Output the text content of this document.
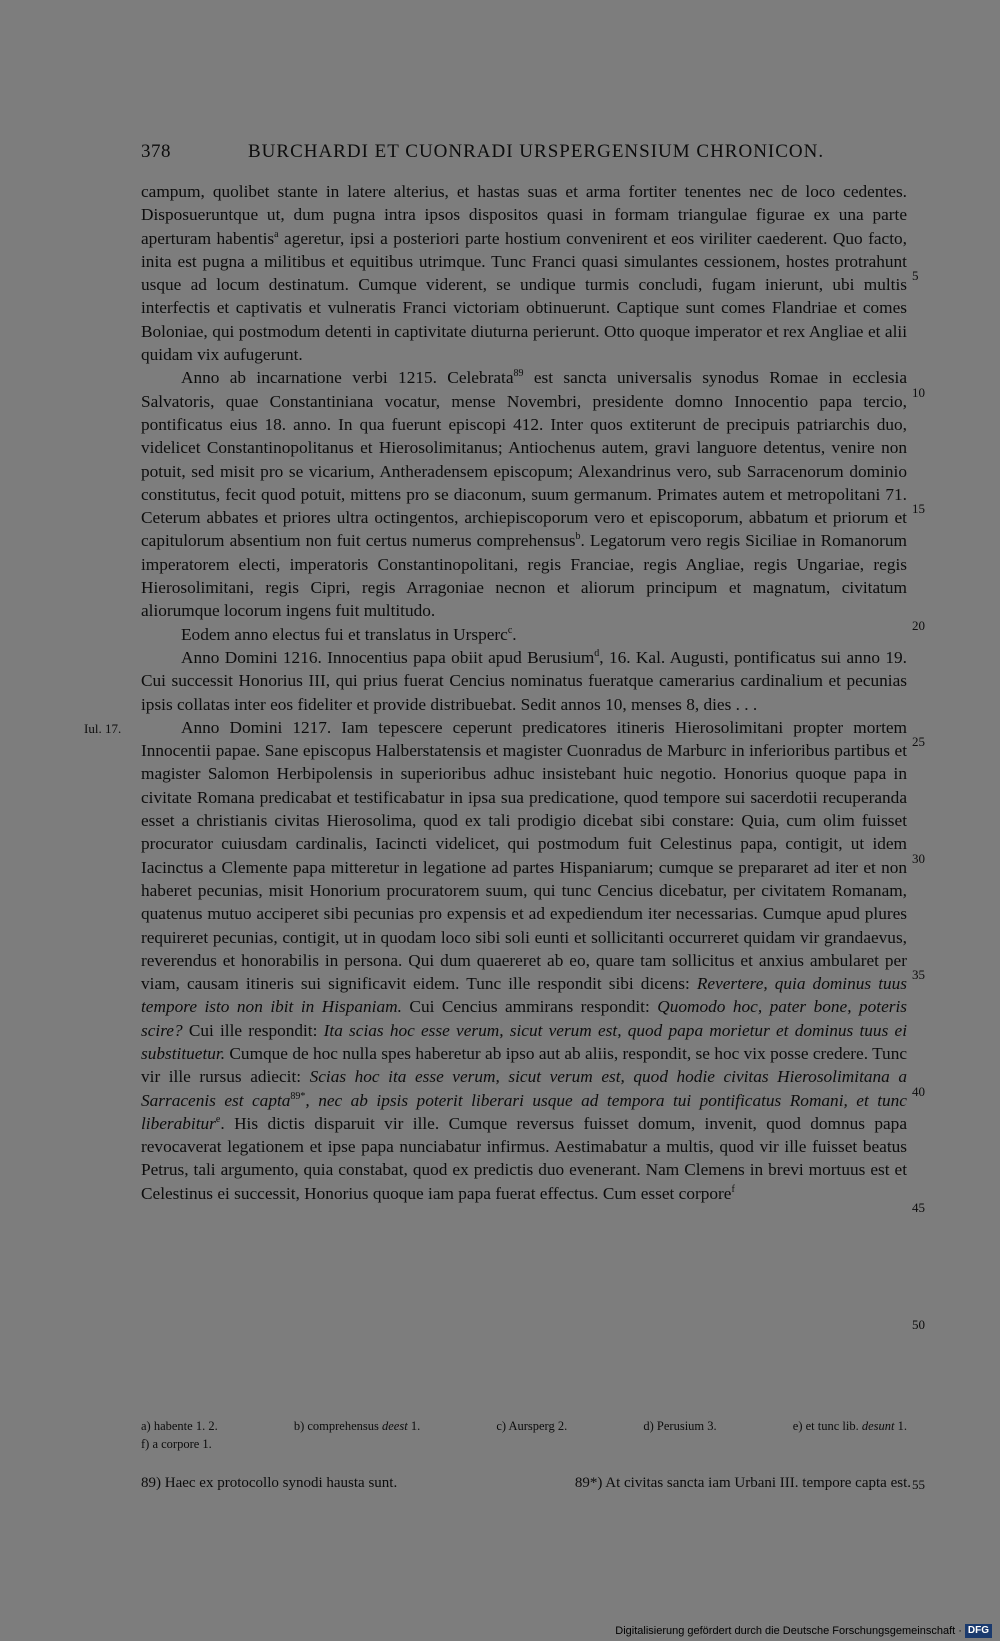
378	BURCHARDI ET CUONRADI URSPERGENSIUM CHRONICON.

campum, quolibet stante in latere alterius, et hastas suas et arma fortiter tenentes nec de loco cedentes. Disposueruntque ut, dum pugna intra ipsos dispositos quasi in formam triangulae figurae ex una parte aperturam habentis$^a$ ageretur, ipsi a posteriori parte hostium convenirent et eos viriliter caederent. Quo facto, inita est pugna a militibus et equitibus utrimque. Tunc Franci quasi simulantes cessionem, hostes protrahunt usque ad locum destinatum. Cumque viderent, se undique turmis concludi, fugam inierunt, ubi multis interfectis et captivatis et vulneratis Franci victoriam obtinuerunt. Captique sunt comes Flandriae et comes Boloniae, qui postmodum detenti in captivitate diuturna perierunt. Otto quoque imperator et rex Angliae et alii quidam vix aufugerunt.

Anno ab incarnatione verbi 1215. Celebrata$^{89}$ est sancta universalis synodus Romae in ecclesia Salvatoris, quae Constantiniana vocatur, mense Novembri, presidente domno Innocentio papa tercio, pontificatus eius 18. anno. In qua fuerunt episcopi 412. Inter quos extiterunt de precipuis patriarchis duo, videlicet Constantinopolitanus et Hierosolimitanus; Antiochenus autem, gravi languore detentus, venire non potuit, sed misit pro se vicarium, Antheradensem episcopum; Alexandrinus vero, sub Sarracenorum dominio constitutus, fecit quod potuit, mittens pro se diaconum, suum germanum. Primates autem et metropolitani 71. Ceterum abbates et priores ultra octingentos, archiepiscoporum vero et episcoporum, abbatum et priorum et capitulorum absentium non fuit certus numerus comprehensus$^b$. Legatorum vero regis Siciliae in Romanorum imperatorem electi, imperatoris Constantinopolitani, regis Franciae, regis Angliae, regis Ungariae, regis Hierosolimitani, regis Cipri, regis Arragoniae necnon et aliorum principum et magnatum, civitatum aliorumque locorum ingens fuit multitudo.

Eodem anno electus fui et translatus in Ursperc$^c$.

Anno Domini 1216. Innocentius papa obiit apud Berusium$^d$, 16. Kal. Augusti, pontificatus sui anno 19. Cui successit Honorius III, qui prius fuerat Cencius nominatus fueratque camerarius cardinalium et pecunias ipsis collatas inter eos fideliter et provide distribuebat. Sedit annos 10, menses 8, dies . . .

Anno Domini 1217. Iam tepescere ceperunt predicatores itineris Hierosolimitani propter mortem Innocentii papae. Sane episcopus Halberstatensis et magister Cuonradus de Marburc in inferioribus partibus et magister Salomon Herbipolensis in superioribus adhuc insistebant huic negotio. Honorius quoque papa in civitate Romana predicabat et testificabatur in ipsa sua predicatione, quod tempore sui sacerdotii recuperanda esset a christianis civitas Hierosolima, quod ex tali prodigio dicebat sibi constare: Quia, cum olim fuisset procurator cuiusdam cardinalis, Iacincti videlicet, qui postmodum fuit Celestinus papa, contigit, ut idem Iacinctus a Clemente papa mitteretur in legatione ad partes Hispaniarum; cumque se prepararet ad iter et non haberet pecunias, misit Honorium procuratorem suum, qui tunc Cencius dicebatur, per civitatem Romanam, quatenus mutuo acciperet sibi pecunias pro expensis et ad expediendum iter necessarias. Cumque apud plures requireret pecunias, contigit, ut in quodam loco sibi soli eunti et sollicitanti occurreret quidam vir grandaevus, reverendus et honorabilis in persona. Qui dum quaereret ab eo, quare tam sollicitus et anxius ambularet per viam, causam itineris sui significavit eidem. Tunc ille respondit sibi dicens: Revertere, quia dominus tuus tempore isto non ibit in Hispaniam. Cui Cencius ammirans respondit: Quomodo hoc, pater bone, poteris scire? Cui ille respondit: Ita scias hoc esse verum, sicut verum est, quod papa morietur et dominus tuus ei substituetur. Cumque de hoc nulla spes haberetur ab ipso aut ab aliis, respondit, se hoc vix posse credere. Tunc vir ille rursus adiecit: Scias hoc ita esse verum, sicut verum est, quod hodie civitas Hierosolimitana a Sarracenis est capta$^{89*}$, nec ab ipsis poterit liberari usque ad tempora tui pontificatus Romani, et tunc liberabitur$^e$. His dictis disparuit vir ille. Cumque reversus fuisset domum, invenit, quod domnus papa revocaverat legationem et ipse papa nunciabatur infirmus. Aestimabatur a multis, quod vir ille fuisset beatus Petrus, tali argumento, quia constabat, quod ex predictis duo evenerant. Nam Clemens in brevi mortuus est et Celestinus ei successit, Honorius quoque iam papa fuerat effectus. Cum esset corpore$^f$

5
10
15
20
25
30
35
40
45
50
55
Iul. 17.
a) habente 1. 2.	b) comprehensus deest 1.	c) Aursperg 2.	d) Perusium 3.	e) et tunc lib. desunt 1.
f) a corpore 1.
89) Haec ex protocollo synodi hausta sunt.	89*) At civitas sancta iam Urbani III. tempore capta est.
Digitalisierung gefördert durch die Deutsche Forschungsgemeinschaft · DFG
